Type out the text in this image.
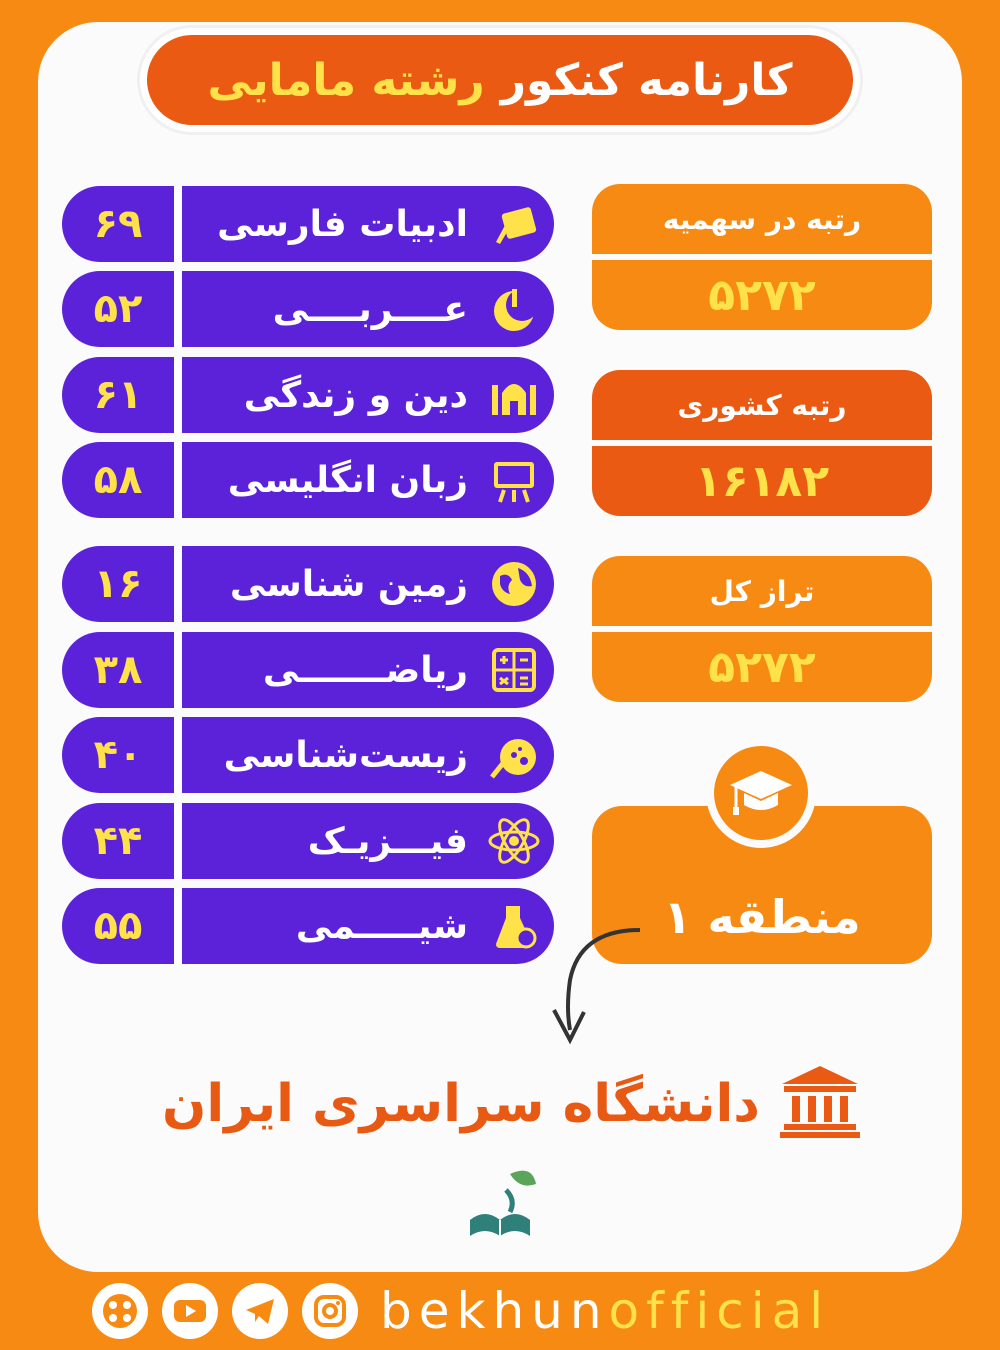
کارنامه کنکور
رشته مامایی
۶۹	ادبیات فارسی
۵۲	عــــربــــی
۶۱	دین و زندگی
۵۸	زبان انگلیسی
۱۶	زمین شناسی
۳۸	ریاضـــــــی
۴۰	زیست‌شناسی
۴۴	فیـــزیـک
۵۵	شیـــــمی
رتبه در سهمیه
۵۲۷۲
رتبه کشوری
۱۶۱۸۲
تراز کل
۵۲۷۲
منطقه ۱
دانشگاه سراسری ایران
bekhunofficial
